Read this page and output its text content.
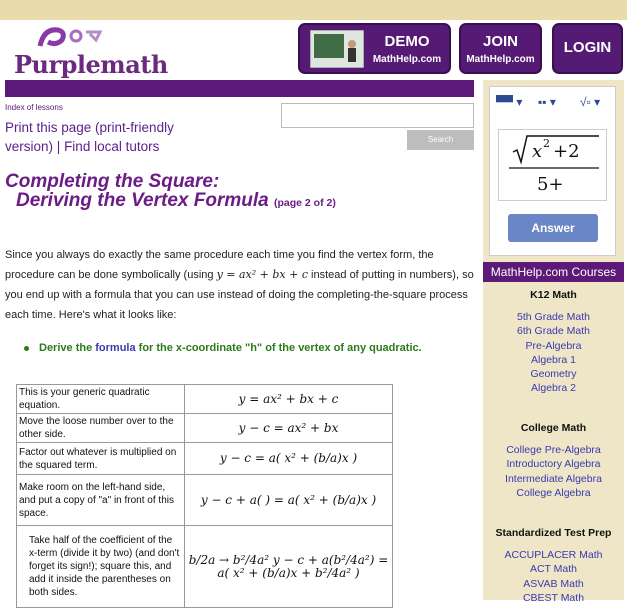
Purplemath
DEMO
MathHelp.com
JOIN
MathHelp.com
LOGIN
Index of lessons
Print this page (print-friendly version) | Find local tutors	Search
Completing the Square:
Deriving the Vertex Formula (page 2 of 2)
Since you always do exactly the same procedure each time you find the vertex form, the procedure can be done symbolically (using y = ax² + bx + c instead of putting in numbers), so you end up with a formula that you can use instead of doing the completing-the-square process each time. Here's what it looks like:
Derive the formula for the x-coordinate "h" of the vertex of any quadratic.
This is your generic quadratic equation.	y = ax² + bx + c
Move the loose number over to the other side.	y − c = ax² + bx
Factor out whatever is multiplied on the squared term.	y − c = a( x² + (b/a)x )
Make room on the left-hand side, and put a copy of "a" in front of this space.	y − c + a( ) = a( x² + (b/a)x )
Take half of the coefficient of the x-term (divide it by two) (and don't forget its sign!); square this, and add it inside the parentheses on both sides.	b/2a → b²/4a² y − c + a(b²/4a²) = a( x² + (b/a)x + b²/4a² )
▀▀ ▾ ▪▪ ▾ √▫ ▾
x 2 +2
5+
Answer
MathHelp.com Courses
K12 Math
5th Grade Math
6th Grade Math
Pre-Algebra
Algebra 1
Geometry
Algebra 2
College Math
College Pre-Algebra
Introductory Algebra
Intermediate Algebra
College Algebra
Standardized Test Prep
ACCUPLACER Math
ACT Math
ASVAB Math
CBEST Math
